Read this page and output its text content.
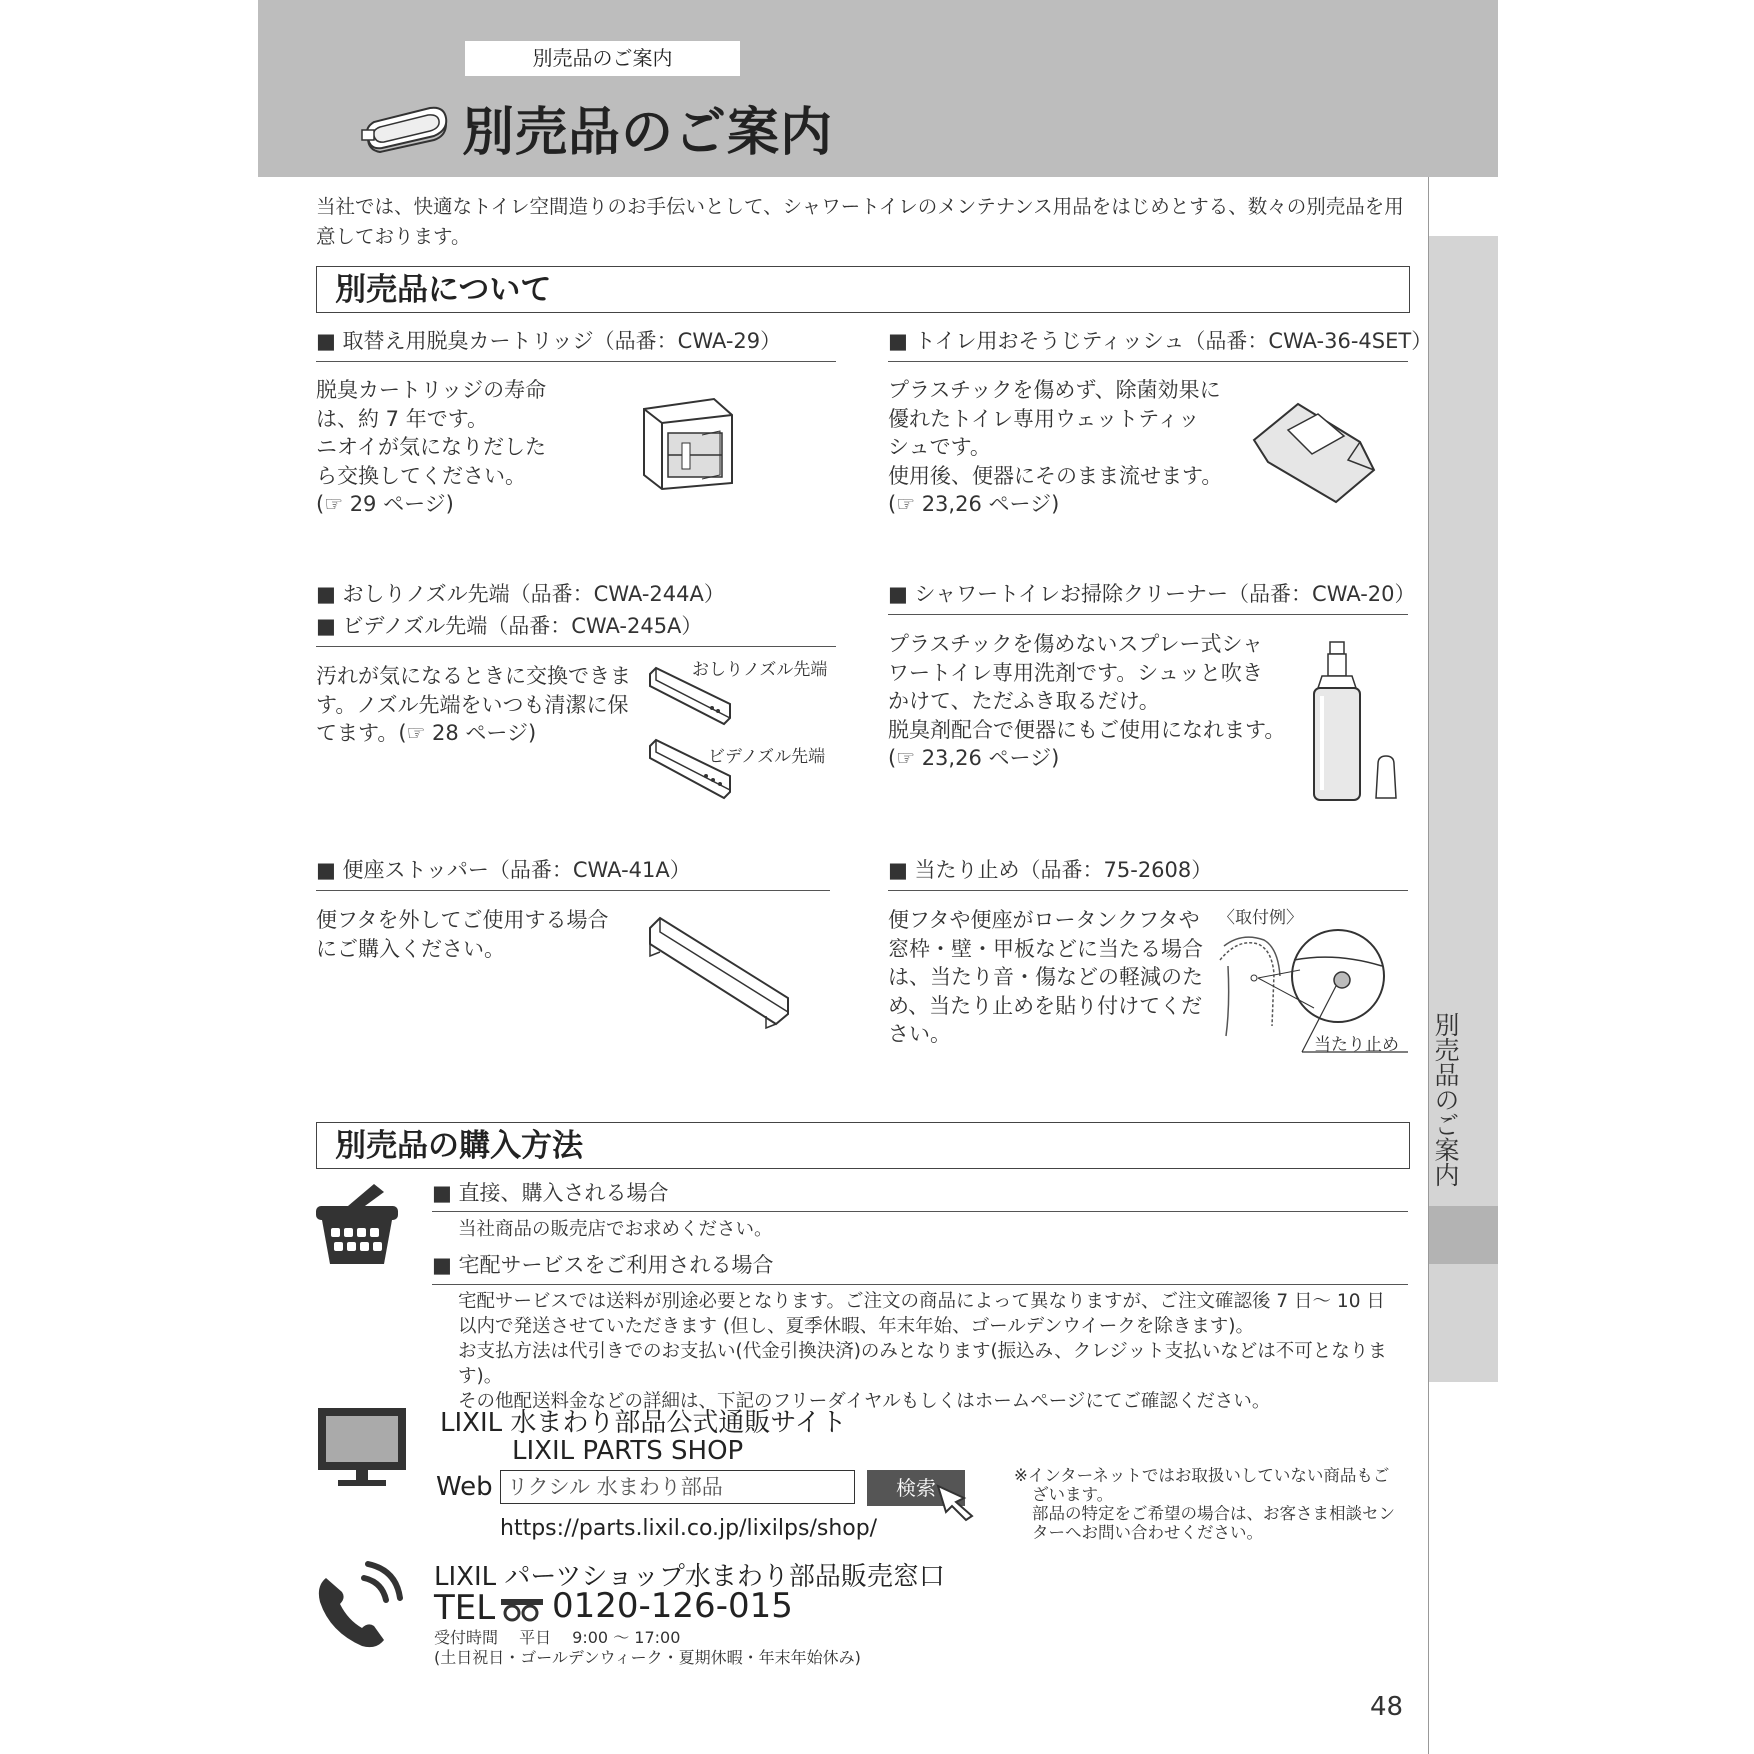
別売品のご案内
別売品のご案内
別売品のご案内
当社では、快適なトイレ空間造りのお手伝いとして、シャワートイレのメンテナンス用品をはじめとする、数々の別売品を用意しております。
別売品について
■ 取替え用脱臭カートリッジ（品番：CWA-29）
脱臭カートリッジの寿命
は、約 7 年です。
ニオイが気になりだした
ら交換してください。
(☞ 29 ページ)
■ トイレ用おそうじティッシュ（品番：CWA-36-4SET）
プラスチックを傷めず、除菌効果に
優れたトイレ専用ウェットティッ
シュです。
使用後、便器にそのまま流せます。
(☞ 23,26 ページ)
■ おしりノズル先端（品番：CWA-244A）
■ ビデノズル先端（品番：CWA-245A）
汚れが気になるときに交換できま
す。ノズル先端をいつも清潔に保
てます。(☞ 28 ページ)
おしりノズル先端
ビデノズル先端
■ シャワートイレお掃除クリーナー（品番：CWA-20）
プラスチックを傷めないスプレー式シャ
ワートイレ専用洗剤です。シュッと吹き
かけて、ただふき取るだけ。
脱臭剤配合で便器にもご使用になれます。
(☞ 23,26 ページ)
■ 便座ストッパー（品番：CWA-41A）
便フタを外してご使用する場合
にご購入ください。
■ 当たり止め（品番：75-2608）
便フタや便座がロータンクフタや
窓枠・壁・甲板などに当たる場合
は、当たり音・傷などの軽減のた
め、当たり止めを貼り付けてくだ
さい。
〈取付例〉
当たり止め
別売品の購入方法
■ 直接、購入される場合
当社商品の販売店でお求めください。
■ 宅配サービスをご利用される場合
宅配サービスでは送料が別途必要となります。ご注文の商品によって異なりますが、ご注文確認後 7 日～ 10 日
以内で発送させていただきます (但し、夏季休暇、年末年始、ゴールデンウイークを除きます)。
お支払方法は代引きでのお支払い(代金引換決済)のみとなります(振込み、クレジット支払いなどは不可となります)。
その他配送料金などの詳細は、下記のフリーダイヤルもしくはホームページにてご確認ください。
LIXIL 水まわり部品公式通販サイト
LIXIL PARTS SHOP
Web
リクシル 水まわり部品	検索
https://parts.lixil.co.jp/lixilps/shop/
※インターネットではお取扱いしていない商品もご
ざいます。
部品の特定をご希望の場合は、お客さま相談セン
ターへお問い合わせください。
LIXIL パーツショップ水まわり部品販売窓口
TEL 0120-126-015
受付時間　 平日　 9:00 ～ 17:00
(土日祝日・ゴールデンウィーク・夏期休暇・年末年始休み)
48
